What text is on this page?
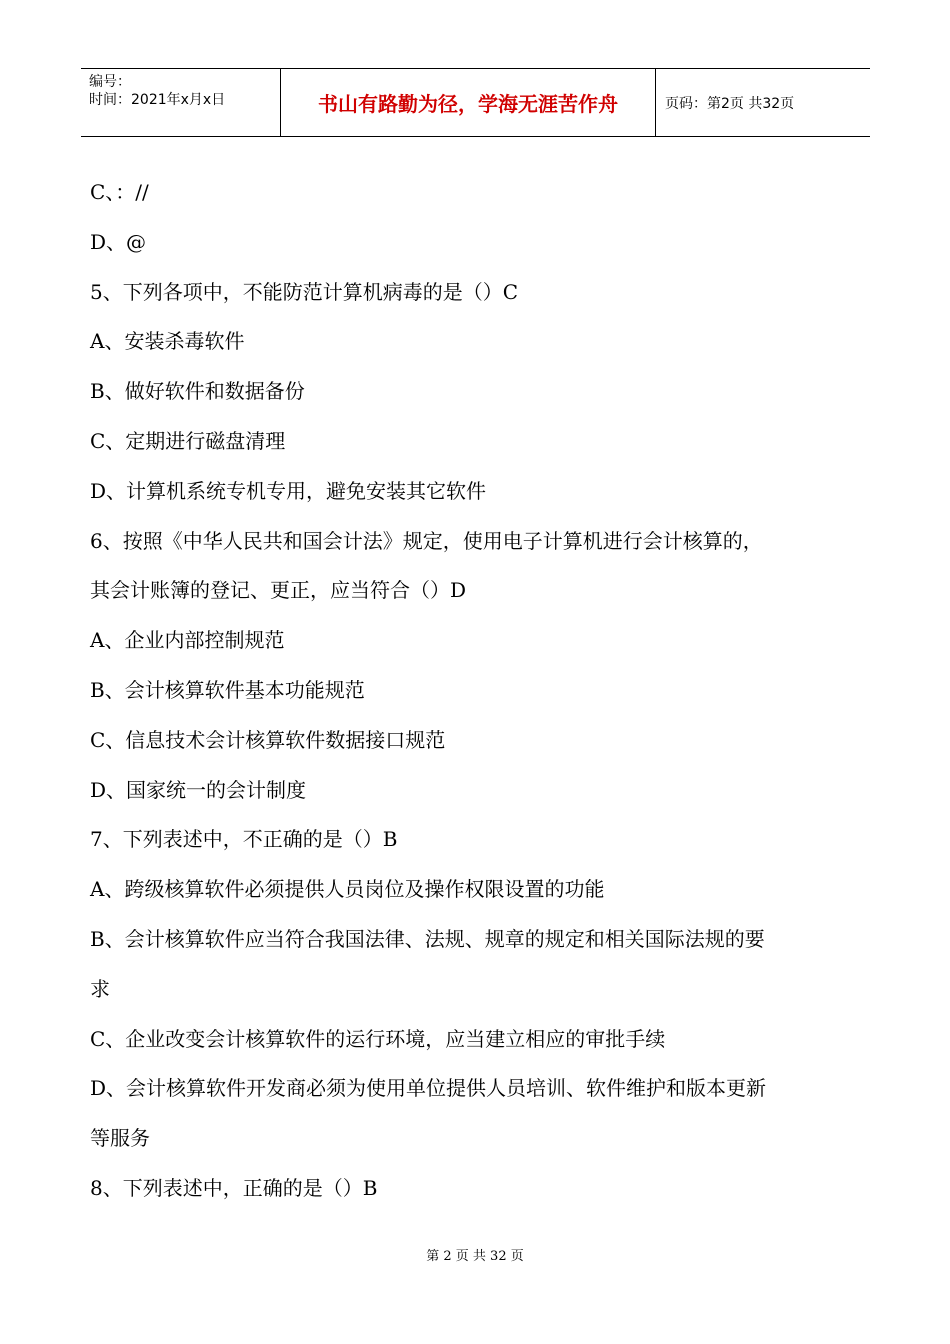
编号：
时间：2021年x月x日	书山有路勤为径，学海无涯苦作舟	页码：第2页 共32页
C、：//
D、@
5、下列各项中，不能防范计算机病毒的是（）C
A、安装杀毒软件
B、做好软件和数据备份
C、定期进行磁盘清理
D、计算机系统专机专用，避免安装其它软件
6、按照《中华人民共和国会计法》规定，使用电子计算机进行会计核算的，
其会计账簿的登记、更正，应当符合（）D
A、企业内部控制规范
B、会计核算软件基本功能规范
C、信息技术会计核算软件数据接口规范
D、国家统一的会计制度
7、下列表述中，不正确的是（）B
A、跨级核算软件必须提供人员岗位及操作权限设置的功能
B、会计核算软件应当符合我国法律、法规、规章的规定和相关国际法规的要
求
C、企业改变会计核算软件的运行环境，应当建立相应的审批手续
D、会计核算软件开发商必须为使用单位提供人员培训、软件维护和版本更新
等服务
8、下列表述中，正确的是（）B
第 2 页 共 32 页
